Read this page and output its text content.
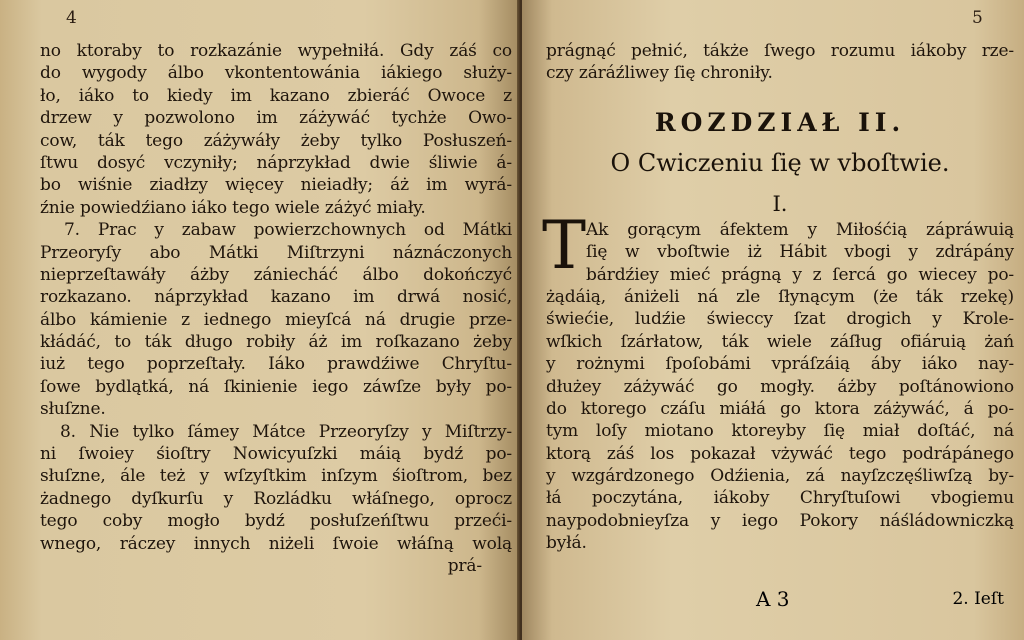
4
no ktoraby to rozkazánie wypełniłá. Gdy záś co
do wygody álbo vkontentowánia iákiego służy-
ło, iáko to kiedy im kazano zbieráć Owoce z
drzew y pozwolono im záżywáć tychże Owo-
cow, ták tego záżywáły żeby tylko Posłuszeń-
ſtwu dosyć vczyniły; náprzykład dwie śliwie á-
bo wiśnie ziadłzy więcey nieiadły; áż im wyrá-
źnie powiedźiano iáko tego wiele záżyć miały.
7. Prac y zabaw powierzchownych od Mátki
Przeoryſy abo Mátki Miſtrzyni náznáczonych
nieprzeſtawáły áżby zániecháć álbo dokończyć
rozkazano. náprzykład kazano im drwá nosić,
álbo kámienie z iednego mieyſcá ná drugie prze-
kłádáć, to ták długo robiły áż im roſkazano żeby
iuż tego poprzeſtały. Iáko prawdźiwe Chryſtu-
ſowe bydlątká, ná ſkinienie iego záwſze były po-
słuſzne.
8. Nie tylko ſámey Mátce Przeoryſzy y Miſtrzy-
ni ſwoiey śioſtry Nowicyuſzki máią bydź po-
słuſzne, ále też y wſzyſtkim inſzym śioſtrom, bez
żadnego dyſkurſu y Rozládku włáſnego, oprocz
tego coby mogło bydź posłuſzeńſtwu przeći-
wnego, ráczey innych niżeli ſwoie włáſną wolą
prá-
5
prágnąć pełnić, tákże ſwego rozumu iákoby rze-
czy záráźliwey ſię chroniły.
ROZDZIAŁ II.
O Cwiczeniu ſię w vboſtwie.
I.
T Ak gorącym áfektem y Miłośćią zápráwuią
ſię w vboſtwie iż Hábit vbogi y zdrápány
bárdźiey mieć prágną y z ſercá go wiecey po-
żądáią, ániżeli ná zle ſłynącym (że ták rzekę)
świećie, ludźie świeccy ſzat drogich y Krole-
wſkich ſzárłatow, ták wiele záſług ofiáruią żań
y rożnymi ſpoſobámi vpráſzáią áby iáko nay-
dłużey záżywáć go mogły. áżby poſtánowiono
do ktorego czáſu miáłá go ktora záżywáć, á po-
tym loſy miotano ktoreyby ſię miał doſtáć, ná
ktorą záś los pokazał vżywáć tego podrápánego
y wzgárdzonego Odźienia, zá nayſzczęśliwſzą by-
łá poczytána, iákoby Chryſtuſowi vbogiemu
naypodobnieyſza y iego Pokory náśládowniczką
byłá.
A 3	2. Ieſt
